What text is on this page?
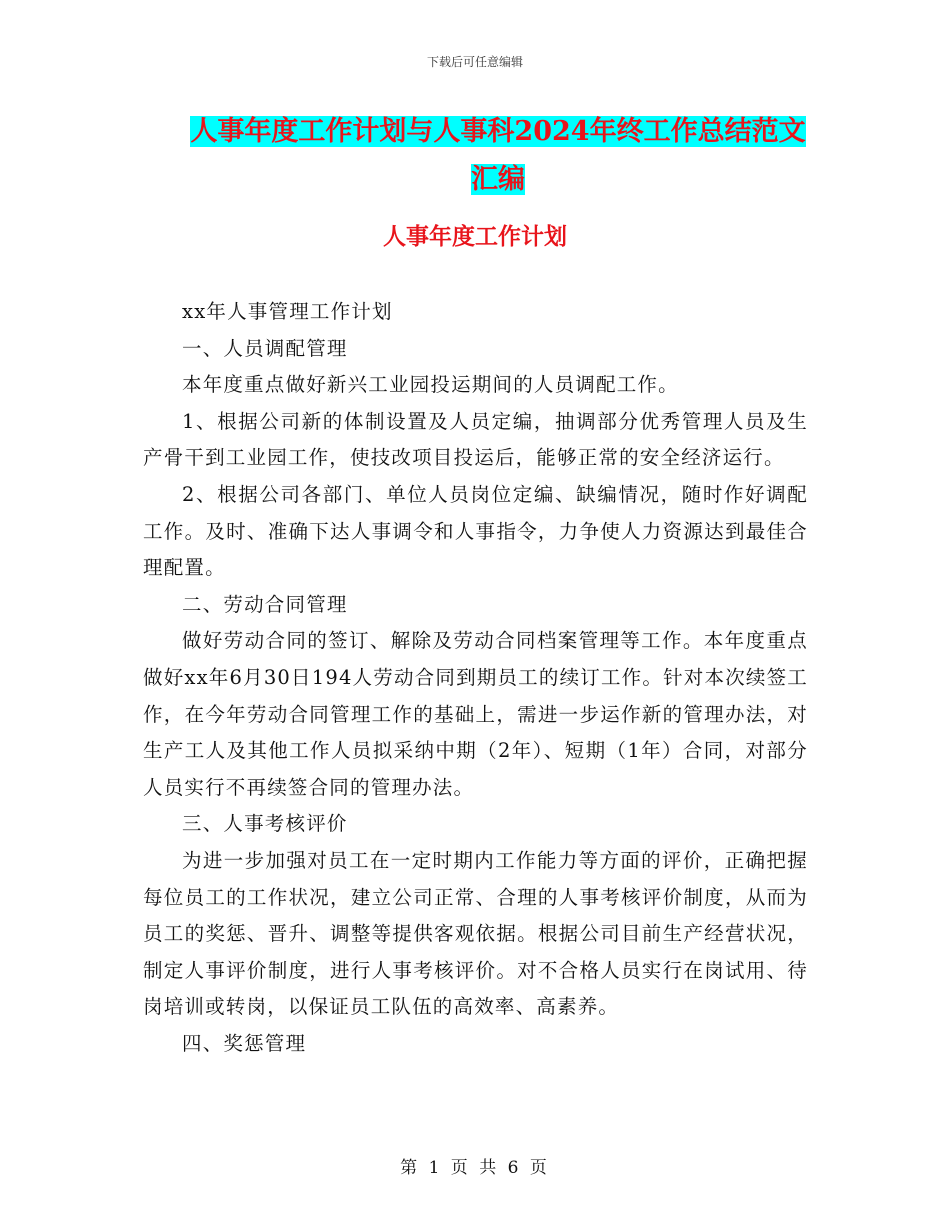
下载后可任意编辑
人事年度工作计划与人事科2024年终工作总结范文汇编
人事年度工作计划

xx年人事管理工作计划

一、人员调配管理

本年度重点做好新兴工业园投运期间的人员调配工作。

1、根据公司新的体制设置及人员定编，抽调部分优秀管理人员及生产骨干到工业园工作，使技改项目投运后，能够正常的安全经济运行。

2、根据公司各部门、单位人员岗位定编、缺编情况，随时作好调配工作。及时、准确下达人事调令和人事指令，力争使人力资源达到最佳合理配置。

二、劳动合同管理

做好劳动合同的签订、解除及劳动合同档案管理等工作。本年度重点做好xx年6月30日194人劳动合同到期员工的续订工作。针对本次续签工作，在今年劳动合同管理工作的基础上，需进一步运作新的管理办法，对生产工人及其他工作人员拟采纳中期（2年）、短期（1年）合同，对部分人员实行不再续签合同的管理办法。

三、人事考核评价

为进一步加强对员工在一定时期内工作能力等方面的评价，正确把握每位员工的工作状况，建立公司正常、合理的人事考核评价制度，从而为员工的奖惩、晋升、调整等提供客观依据。根据公司目前生产经营状况，制定人事评价制度，进行人事考核评价。对不合格人员实行在岗试用、待岗培训或转岗，以保证员工队伍的高效率、高素养。

四、奖惩管理

第 1 页 共 6 页
